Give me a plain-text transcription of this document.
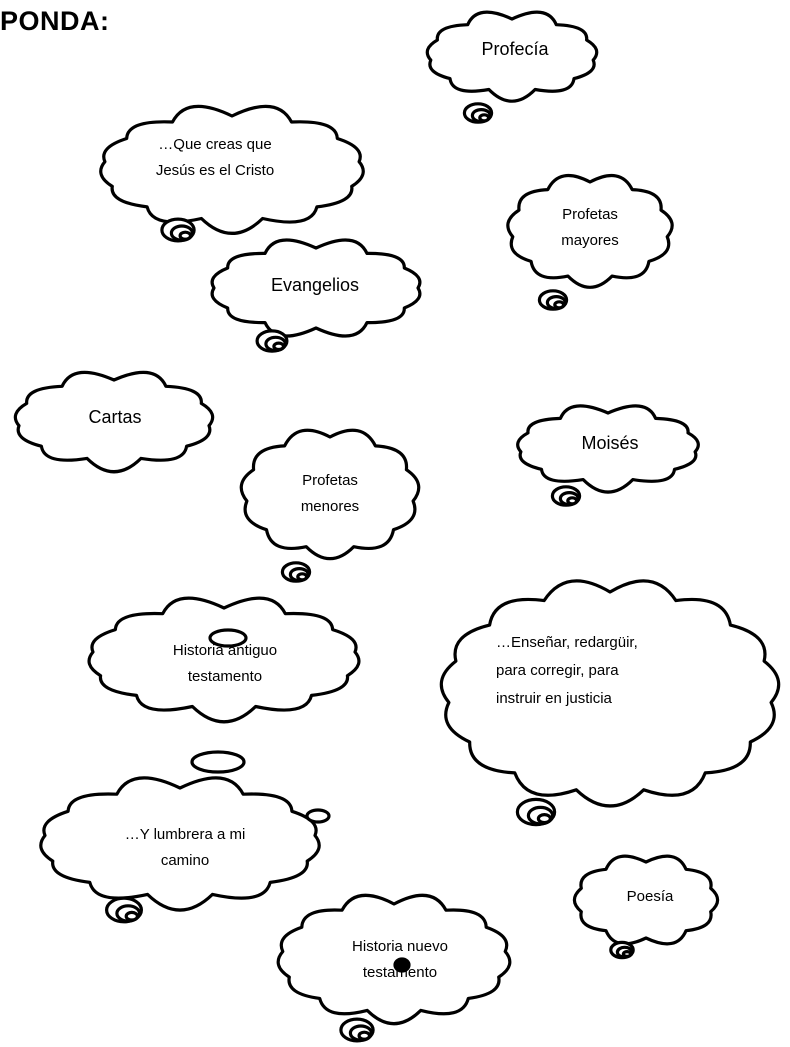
PONDA:
Profecía
…Que creas que
Jesús es el Cristo
Profetas
mayores
Evangelios
Cartas
Moisés
Profetas
menores
Historia antiguo
testamento
…Enseñar, redargüir,
para corregir, para
instruir en justicia
…Y lumbrera a mi
camino
Poesía
Historia nuevo
testamento
